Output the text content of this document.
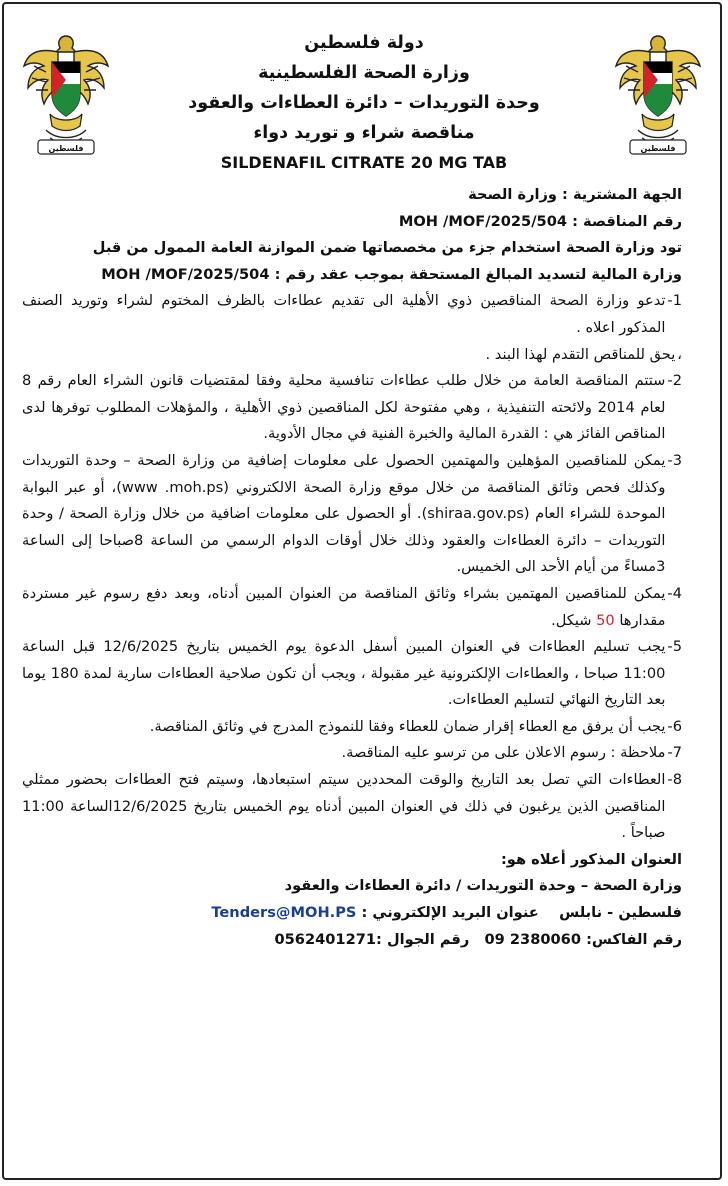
فلسطين	فلسطين
دولة فلسطين
وزارة الصحة الفلسطينية
وحدة التوريدات – دائرة العطاءات والعقود
مناقصة شراء و توريد دواء
SILDENAFIL CITRATE 20 MG TAB
الجهة المشترية : وزارة الصحة
رقم المناقصة : MOH /MOF/2025/504
تود وزارة الصحة استخدام جزء من مخصصاتها ضمن الموازنة العامة الممول من قبل
وزارة المالية لتسديد المبالغ المستحقة بموجب عقد رقم : MOH /MOF/2025/504
1-
تدعو وزارة الصحة المناقصين ذوي الأهلية الى تقديم عطاءات بالظرف المختوم لشراء وتوريد الصنف المذكور اعلاه .
،
يحق للمناقص التقدم لهذا البند .
2-
ستتم المناقصة العامة من خلال طلب عطاءات تنافسية محلية وفقا لمقتضيات قانون الشراء العام رقم 8 لعام 2014 ولائحته التنفيذية ، وهي مفتوحة لكل المناقصين ذوي الأهلية ، والمؤهلات المطلوب توفرها لدى المناقص الفائز هي : القدرة المالية والخبرة الفنية في مجال الأدوية.
3-
يمكن للمناقصين المؤهلين والمهتمين الحصول على معلومات إضافية من وزارة الصحة – وحدة التوريدات وكذلك فحص وثائق المناقصة من خلال موقع وزارة الصحة الالكتروني (www .moh.ps)، أو عبر البوابة الموحدة للشراء العام (shiraa.gov.ps). أو الحصول على معلومات اضافية من خلال وزارة الصحة / وحدة التوريدات – دائرة العطاءات والعقود وذلك خلال أوقات الدوام الرسمي من الساعة 8صباحا إلى الساعة 3مساءً من أيام الأحد الى الخميس.
4-
يمكن للمناقصين المهتمين بشراء وثائق المناقصة من العنوان المبين أدناه، وبعد دفع رسوم غير مستردة مقدارها 50 شيكل.
5-
يجب تسليم العطاءات في العنوان المبين أسفل الدعوة يوم الخميس بتاريخ 12/6/2025 قبل الساعة 11:00 صباحا ، والعطاءات الإلكترونية غير مقبولة ، ويجب أن تكون صلاحية العطاءات سارية لمدة 180 يوما بعد التاريخ النهائي لتسليم العطاءات.
6-
يجب أن يرفق مع العطاء إقرار ضمان للعطاء وفقا للنموذج المدرج في وثائق المناقصة.
7-
ملاحظة : رسوم الاعلان على من ترسو عليه المناقصة.
8-
العطاءات التي تصل بعد التاريخ والوقت المحددين سيتم استبعادها، وسيتم فتح العطاءات بحضور ممثلي المناقصين الذين يرغبون في ذلك في العنوان المبين أدناه يوم الخميس بتاريخ 12/6/2025الساعة 11:00 صباحاً .
العنوان المذكور أعلاه هو:
وزارة الصحة – وحدة التوريدات / دائرة العطاءات والعقود
فلسطين - نابلس    عنوان البريد الإلكتروني : Tenders@MOH.PS
رقم الفاكس: 09 2380060   رقم الجوال :0562401271
